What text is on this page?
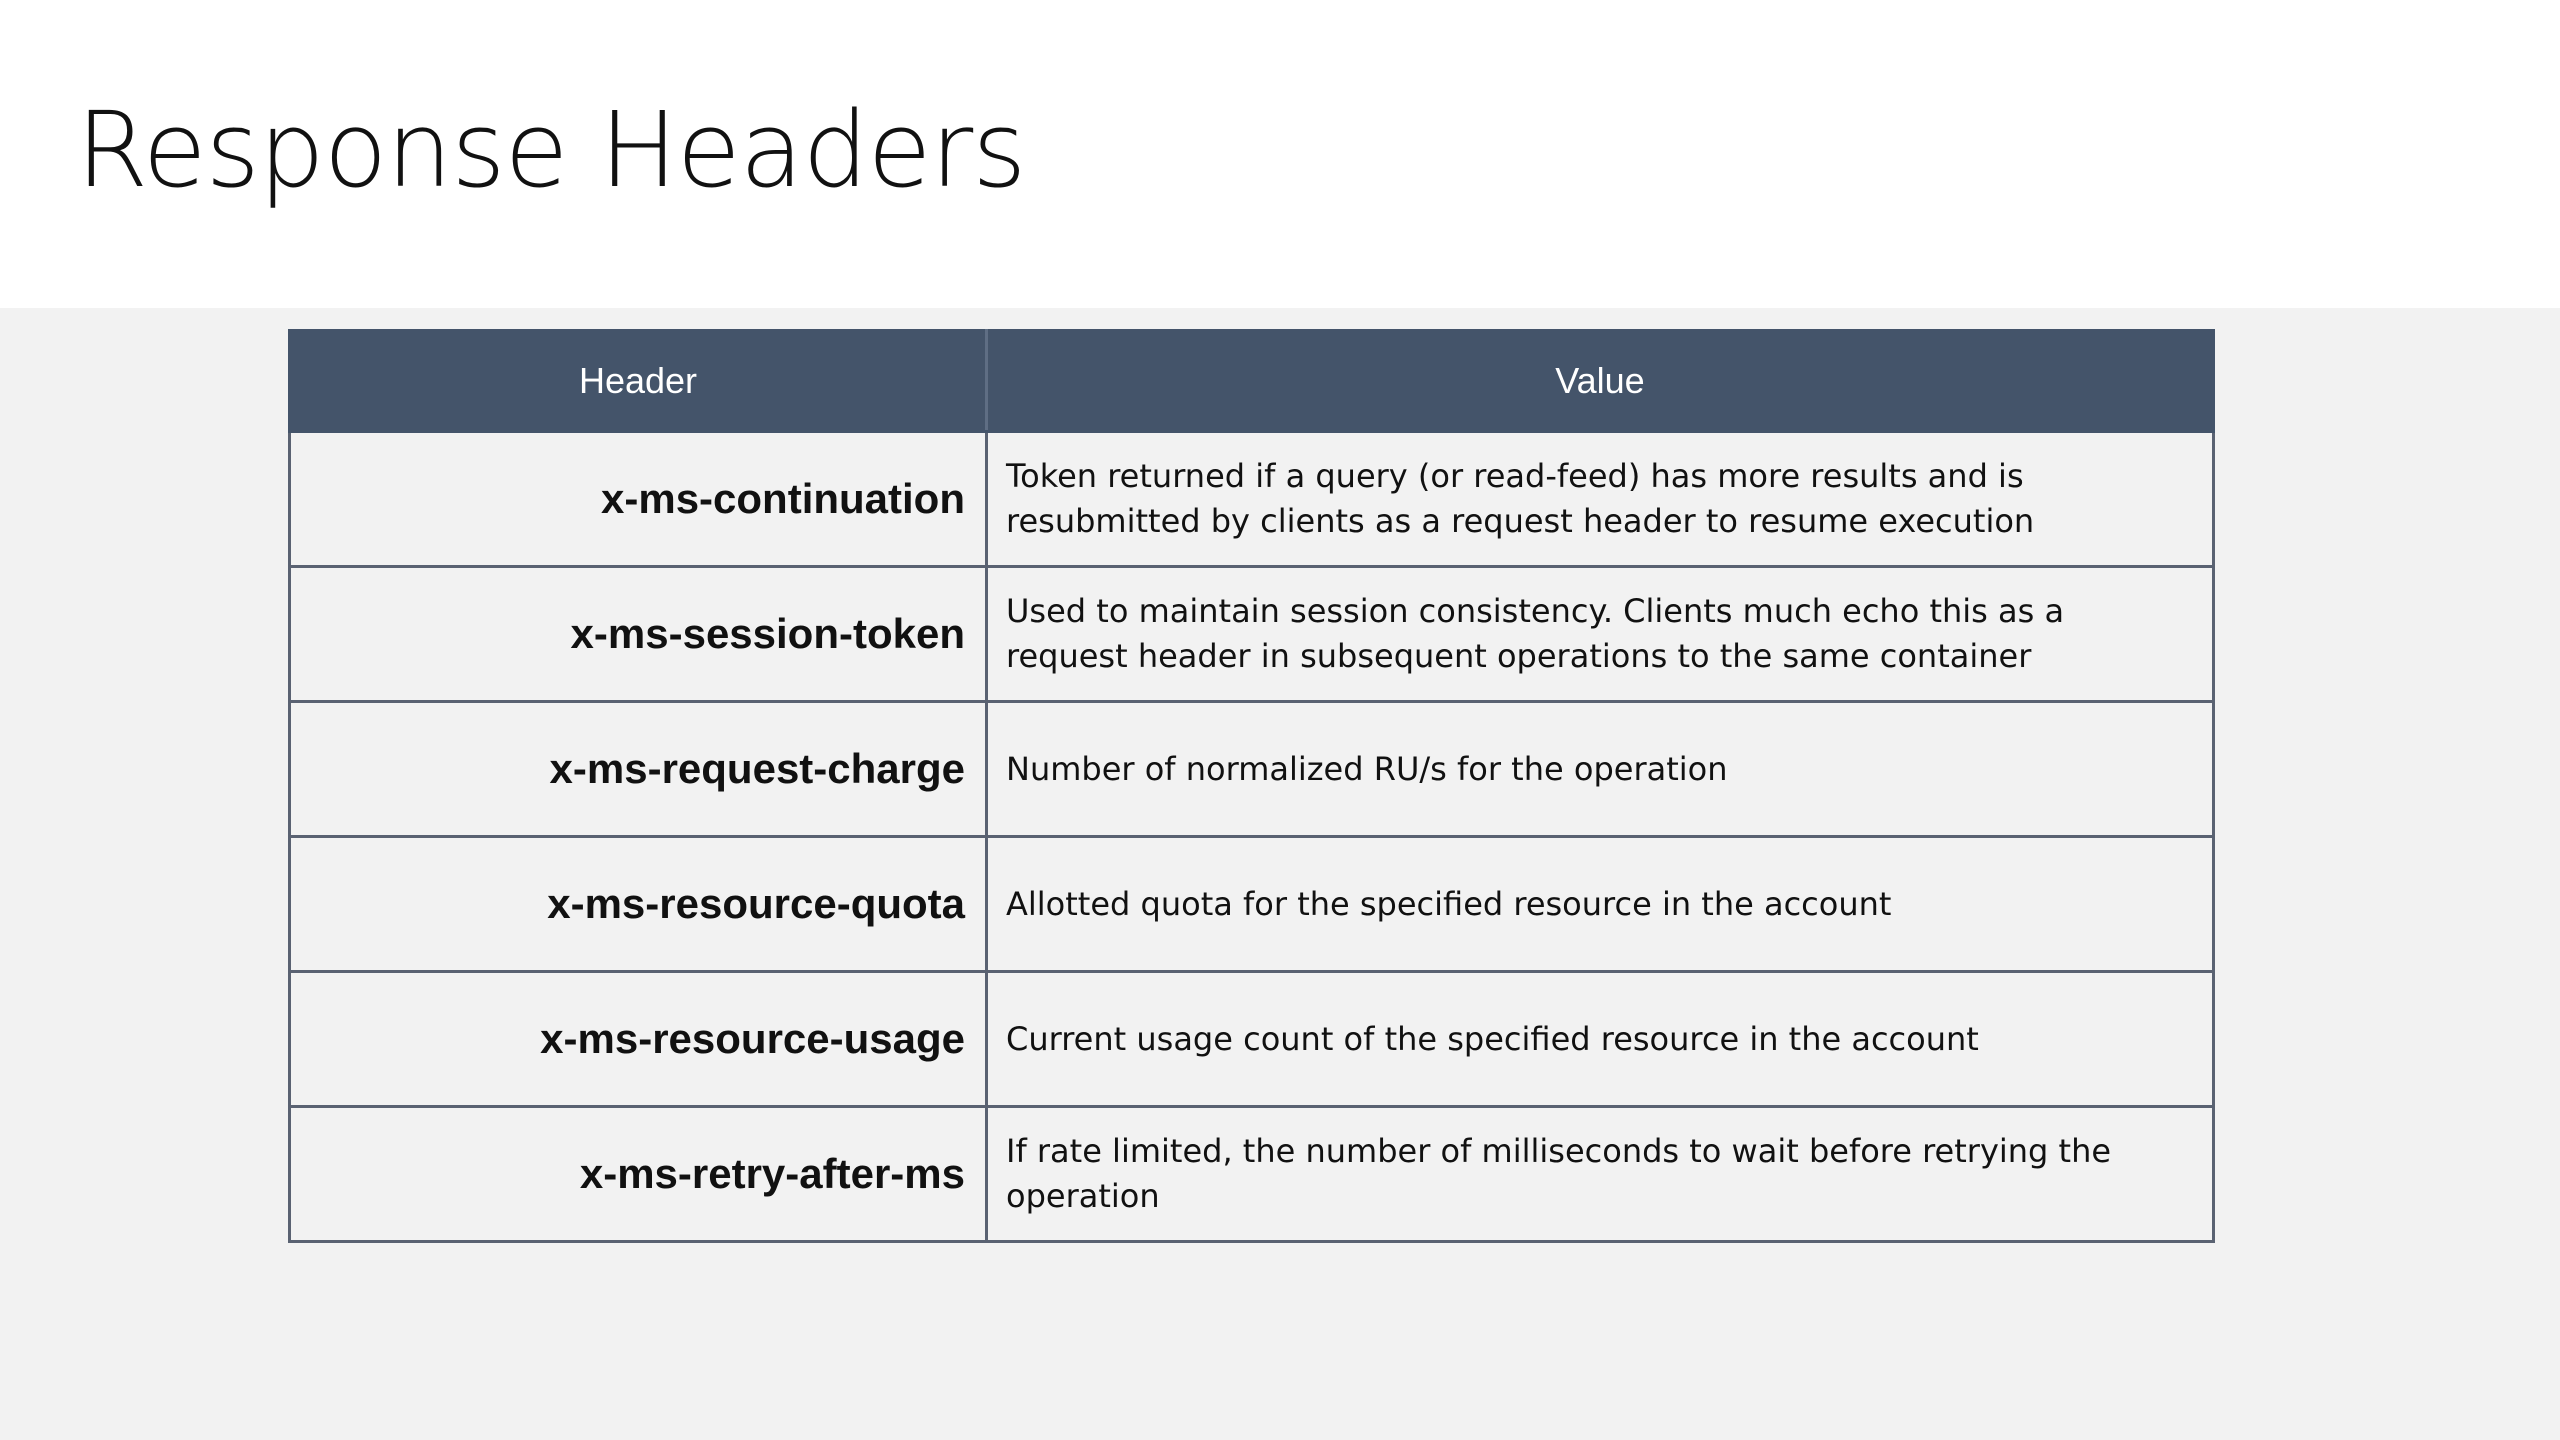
Response Headers
Header	Value
x-ms-continuation	Token returned if a query (or read-feed) has more results and is resubmitted by clients as a request header to resume execution
x-ms-session-token	Used to maintain session consistency. Clients much echo this as a request header in subsequent operations to the same container
x-ms-request-charge	Number of normalized RU/s for the operation
x-ms-resource-quota	Allotted quota for the specified resource in the account
x-ms-resource-usage	Current usage count of the specified resource in the account
x-ms-retry-after-ms	If rate limited, the number of milliseconds to wait before retrying the operation
